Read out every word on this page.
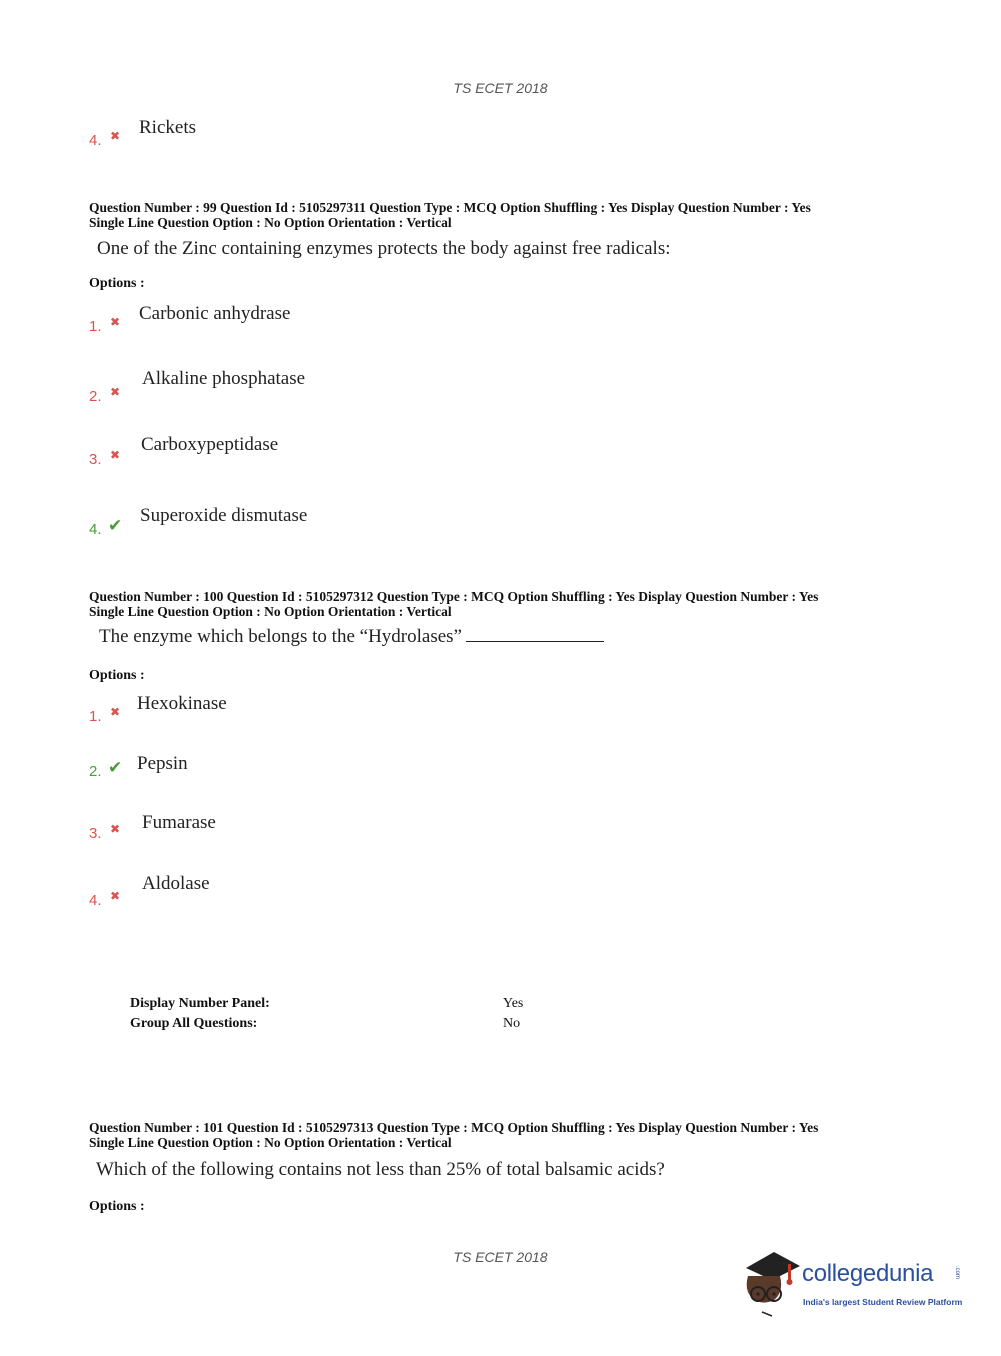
TS ECET 2018
4. ✖ Rickets
Question Number : 99 Question Id : 5105297311 Question Type : MCQ Option Shuffling : Yes Display Question Number : Yes
Single Line Question Option : No Option Orientation : Vertical
One of the Zinc containing enzymes protects the body against free radicals:
Options :
1. ✖ Carbonic anhydrase
2. ✖
Alkaline phosphatase
3. ✖ Carboxypeptidase
4. ✔ Superoxide dismutase
Question Number : 100 Question Id : 5105297312 Question Type : MCQ Option Shuffling : Yes Display Question Number : Yes
Single Line Question Option : No Option Orientation : Vertical
The enzyme which belongs to the “Hydrolases”
Options :
1. ✖ Hexokinase
2. ✔ Pepsin
3. ✖ Fumarase
4. ✖
Aldolase
Display Number Panel:	Yes
Group All Questions:	No
Question Number : 101 Question Id : 5105297313 Question Type : MCQ Option Shuffling : Yes Display Question Number : Yes
Single Line Question Option : No Option Orientation : Vertical
Which of the following contains not less than 25% of total balsamic acids?
Options :
TS ECET 2018
collegedunia	.com
India's largest Student Review Platform
